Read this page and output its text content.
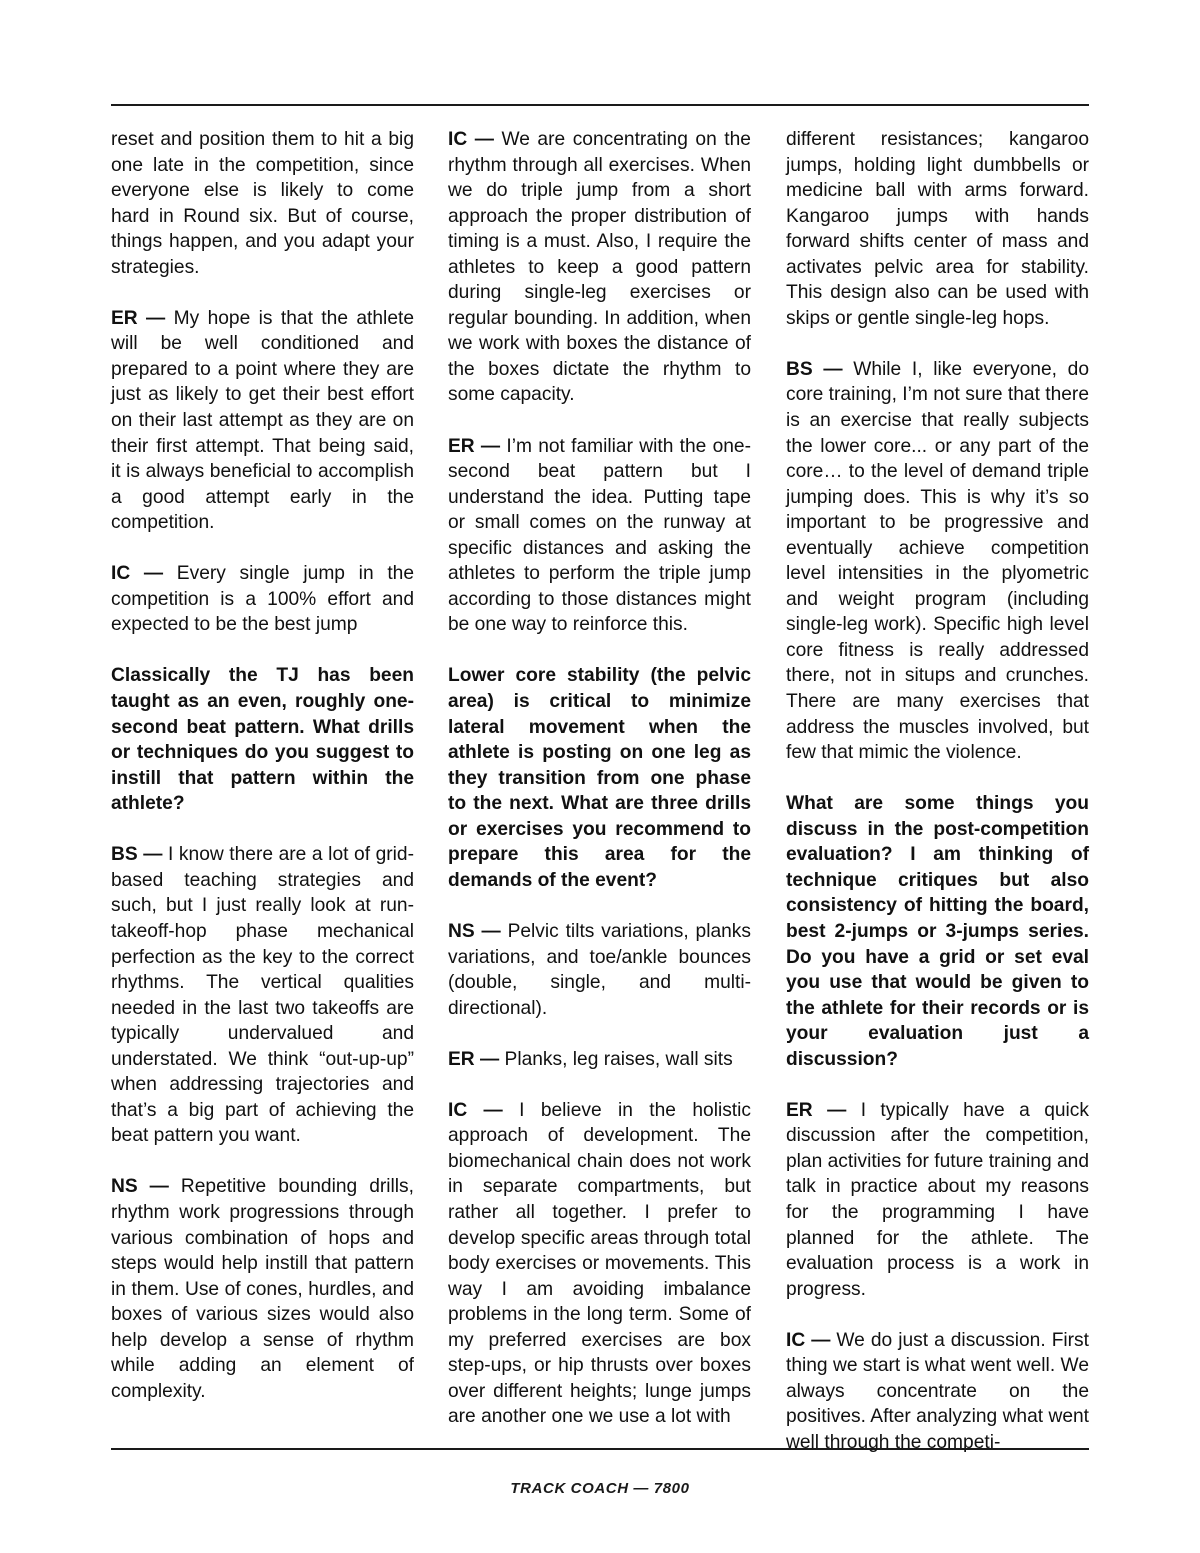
reset and position them to hit a big one late in the competition, since everyone else is likely to come hard in Round six. But of course, things happen, and you adapt your strategies.

ER — My hope is that the athlete will be well conditioned and prepared to a point where they are just as likely to get their best effort on their last attempt as they are on their first attempt. That being said, it is always beneficial to accomplish a good attempt early in the competition.

IC — Every single jump in the competition is a 100% effort and expected to be the best jump

Classically the TJ has been taught as an even, roughly one-second beat pattern. What drills or techniques do you suggest to instill that pattern within the athlete?

BS — I know there are a lot of grid-based teaching strategies and such, but I just really look at run-takeoff-hop phase mechanical perfection as the key to the correct rhythms. The vertical qualities needed in the last two takeoffs are typically undervalued and understated. We think “out-up-up” when addressing trajectories and that’s a big part of achieving the beat pattern you want.

NS — Repetitive bounding drills, rhythm work progressions through various combination of hops and steps would help instill that pattern in them. Use of cones, hurdles, and boxes of various sizes would also help develop a sense of rhythm while adding an element of complexity.

IC — We are concentrating on the rhythm through all exercises. When we do triple jump from a short approach the proper distribution of timing is a must. Also, I require the athletes to keep a good pattern during single-leg exercises or regular bounding. In addition, when we work with boxes the distance of the boxes dictate the rhythm to some capacity.

ER — I’m not familiar with the one-second beat pattern but I understand the idea. Putting tape or small comes on the runway at specific distances and asking the athletes to perform the triple jump according to those distances might be one way to reinforce this.

Lower core stability (the pelvic area) is critical to minimize lateral movement when the athlete is posting on one leg as they transition from one phase to the next. What are three drills or exercises you recommend to prepare this area for the demands of the event?

NS — Pelvic tilts variations, planks variations, and toe/ankle bounces (double, single, and multi-directional).

ER — Planks, leg raises, wall sits

IC — I believe in the holistic approach of development. The biomechanical chain does not work in separate compartments, but rather all together. I prefer to develop specific areas through total body exercises or movements. This way I am avoiding imbalance problems in the long term. Some of my preferred exercises are box step-ups, or hip thrusts over boxes over different heights; lunge jumps are another one we use a lot with

different resistances; kangaroo jumps, holding light dumbbells or medicine ball with arms forward. Kangaroo jumps with hands forward shifts center of mass and activates pelvic area for stability. This design also can be used with skips or gentle single-leg hops.

BS — While I, like everyone, do core training, I’m not sure that there is an exercise that really subjects the lower core... or any part of the core… to the level of demand triple jumping does. This is why it’s so important to be progressive and eventually achieve competition level intensities in the plyometric and weight program (including single-leg work). Specific high level core fitness is really addressed there, not in situps and crunches. There are many exercises that address the muscles involved, but few that mimic the violence.

What are some things you discuss in the post-competition evaluation? I am thinking of technique critiques but also consistency of hitting the board, best 2-jumps or 3-jumps series. Do you have a grid or set eval you use that would be given to the athlete for their records or is your evaluation just a discussion?

ER — I typically have a quick discussion after the competition, plan activities for future training and talk in practice about my reasons for the programming I have planned for the athlete. The evaluation process is a work in progress.

IC — We do just a discussion. First thing we start is what went well. We always concentrate on the positives. After analyzing what went well through the competi-

TRACK COACH — 7800
